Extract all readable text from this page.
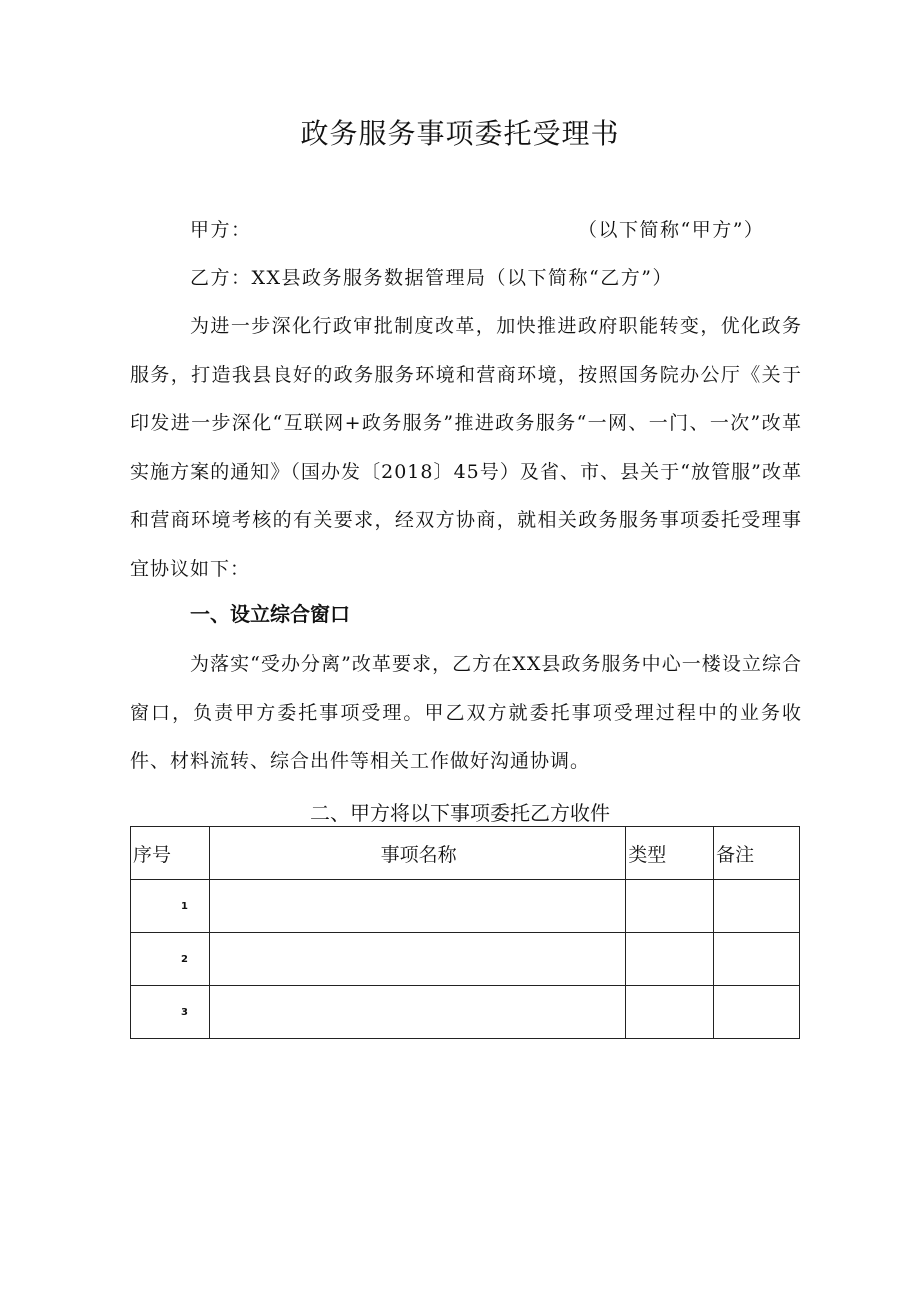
政务服务事项委托受理书
甲方：	（以下简称“甲方”）
乙方：XX县政务服务数据管理局（以下简称“乙方”）

为进一步深化行政审批制度改革，加快推进政府职能转变，优化政务服务，打造我县良好的政务服务环境和营商环境，按照国务院办公厅《关于印发进一步深化“互联网+政务服务”推进政务服务“一网、一门、一次”改革实施方案的通知》（国办发〔2018〕45号）及省、市、县关于“放管服”改革和营商环境考核的有关要求，经双方协商，就相关政务服务事项委托受理事宜协议如下：

一、设立综合窗口

为落实“受办分离”改革要求，乙方在XX县政务服务中心一楼设立综合窗口，负责甲方委托事项受理。甲乙双方就委托事项受理过程中的业务收件、材料流转、综合出件等相关工作做好沟通协调。

二、甲方将以下事项委托乙方收件
序号	事项名称	类型	备注
1			
2			
3			
